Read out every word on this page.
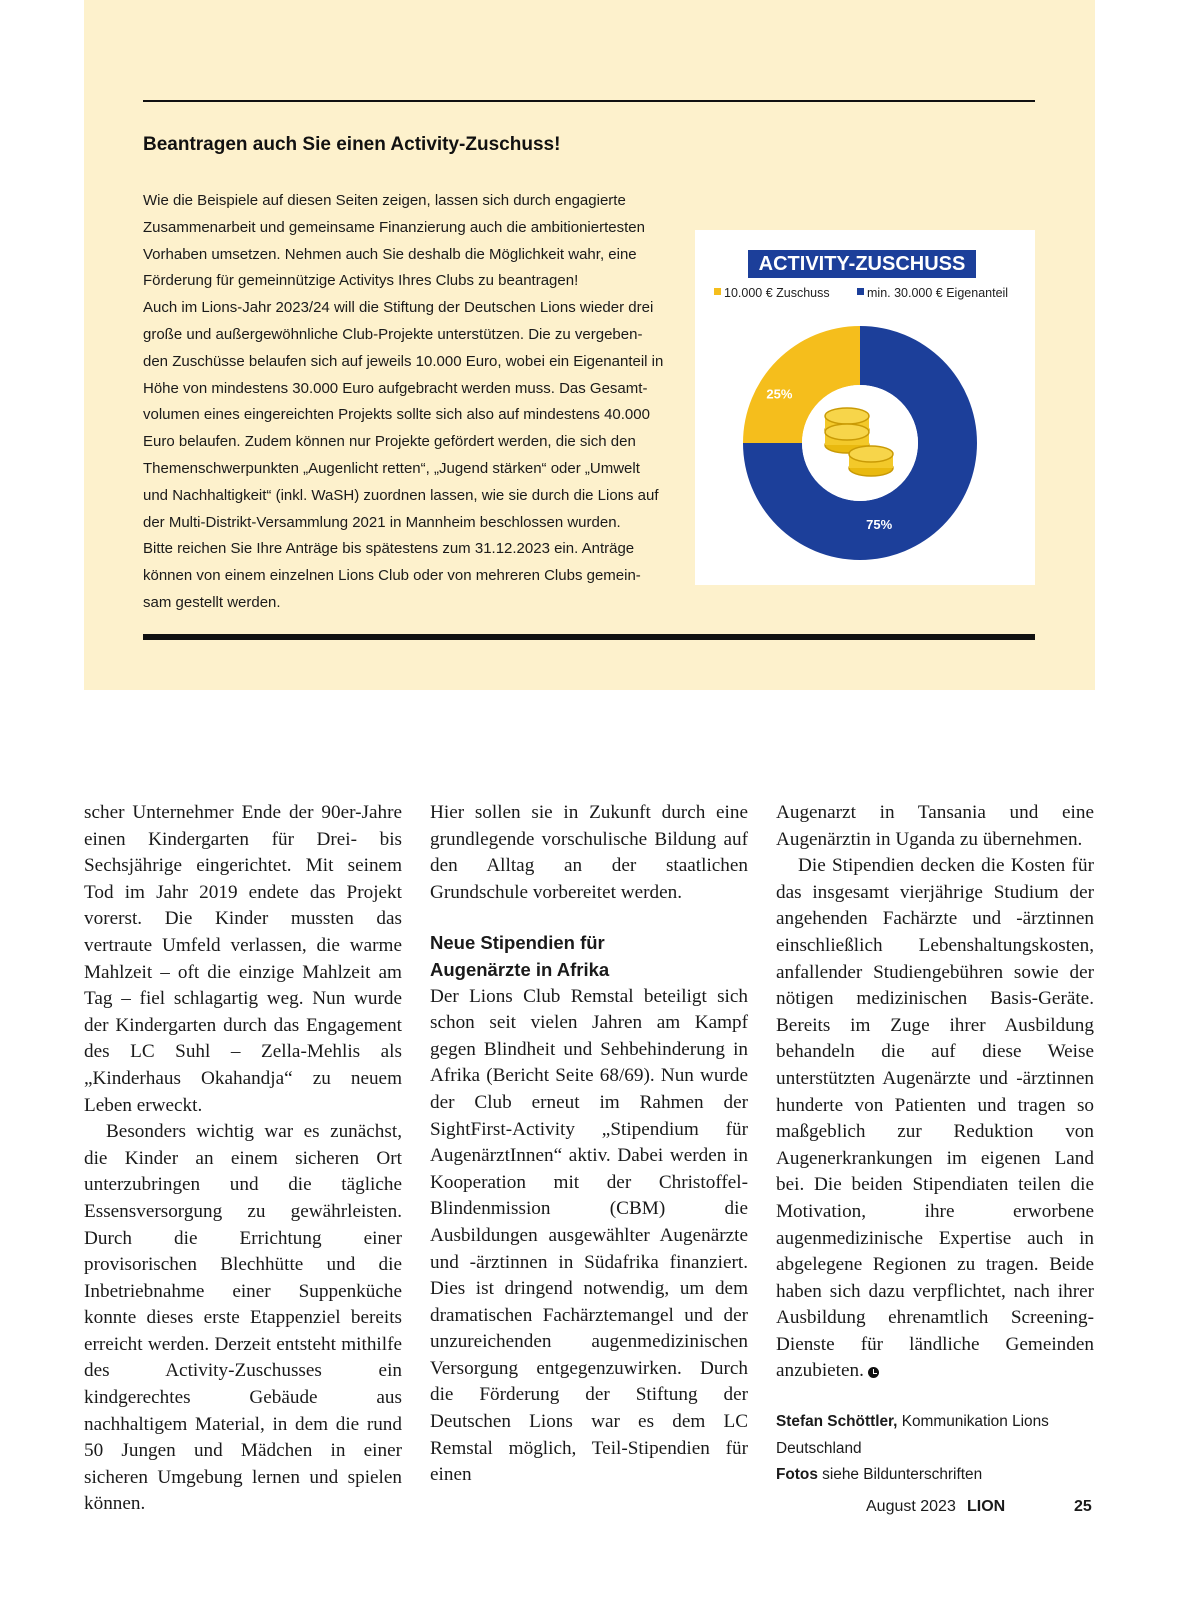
Beantragen auch Sie einen Activity-Zuschuss!
Wie die Beispiele auf diesen Seiten zeigen, lassen sich durch engagierte
Zusammenarbeit und gemeinsame Finanzierung auch die ambitioniertesten
Vorhaben umsetzen. Nehmen auch Sie deshalb die Möglichkeit wahr, eine
Förderung für gemeinnützige Activitys Ihres Clubs zu beantragen!
Auch im Lions-Jahr 2023/24 will die Stiftung der Deutschen Lions wieder drei
große und außergewöhnliche Club-Projekte unterstützen. Die zu vergeben-
den Zuschüsse belaufen sich auf jeweils 10.000 Euro, wobei ein Eigenanteil in
Höhe von mindestens 30.000 Euro aufgebracht werden muss. Das Gesamt-
volumen eines eingereichten Projekts sollte sich also auf mindestens 40.000
Euro belaufen. Zudem können nur Projekte gefördert werden, die sich den
Themenschwerpunkten „Augenlicht retten“, „Jugend stärken“ oder „Umwelt
und Nachhaltigkeit“ (inkl. WaSH) zuordnen lassen, wie sie durch die Lions auf
der Multi-Distrikt-Versammlung 2021 in Mannheim beschlossen wurden.
Bitte reichen Sie Ihre Anträge bis spätestens zum 31.12.2023 ein. Anträge
können von einem einzelnen Lions Club oder von mehreren Clubs gemein-
sam gestellt werden.
ACTIVITY-ZUSCHUSS
10.000 € Zuschuss	min. 30.000 € Eigenanteil
25%
75%

scher Unternehmer Ende der 90er-Jahre einen Kindergarten für Drei- bis Sechsjährige eingerichtet. Mit seinem Tod im Jahr 2019 endete das Projekt vorerst. Die Kinder mussten das vertraute Umfeld verlassen, die warme Mahlzeit – oft die einzige Mahlzeit am Tag – fiel schlagartig weg. Nun wurde der Kindergarten durch das Engagement des LC Suhl – Zella-Mehlis als „Kinderhaus Okahandja“ zu neuem Leben erweckt.

Besonders wichtig war es zunächst, die Kinder an einem sicheren Ort unterzubringen und die tägliche Essensversorgung zu gewährleisten. Durch die Errichtung einer provisorischen Blechhütte und die Inbetriebnahme einer Suppenküche konnte dieses erste Etappenziel bereits erreicht werden. Derzeit entsteht mithilfe des Activity-Zuschusses ein kindgerechtes Gebäude aus nachhaltigem Material, in dem die rund 50 Jungen und Mädchen in einer sicheren Umgebung lernen und spielen können.

Hier sollen sie in Zukunft durch eine grundlegende vorschulische Bildung auf den Alltag an der staatlichen Grundschule vorbereitet werden.

Neue Stipendien für
Augenärzte in Afrika

Der Lions Club Remstal beteiligt sich schon seit vielen Jahren am Kampf gegen Blindheit und Sehbehinderung in Afrika (Bericht Seite 68/69). Nun wurde der Club erneut im Rahmen der SightFirst-Activity „Stipendium für AugenärztInnen“ aktiv. Dabei werden in Kooperation mit der Christoffel-Blindenmission (CBM) die Ausbildungen ausgewählter Augenärzte und -ärztinnen in Südafrika finanziert. Dies ist dringend notwendig, um dem dramatischen Fachärztemangel und der unzureichenden augenmedizinischen Versorgung entgegenzuwirken. Durch die Förderung der Stiftung der Deutschen Lions war es dem LC Remstal möglich, Teil-Stipendien für einen

Augenarzt in Tansania und eine Augenärztin in Uganda zu übernehmen.

Die Stipendien decken die Kosten für das insgesamt vierjährige Studium der angehenden Fachärzte und -ärztinnen einschließlich Lebenshaltungskosten, anfallender Studiengebühren sowie der nötigen medizinischen Basis-Geräte. Bereits im Zuge ihrer Ausbildung behandeln die auf diese Weise unterstützten Augenärzte und -ärztinnen hunderte von Patienten und tragen so maßgeblich zur Reduktion von Augenerkrankungen im eigenen Land bei. Die beiden Stipendiaten teilen die Motivation, ihre erworbene augenmedizinische Expertise auch in abgelegene Regionen zu tragen. Beide haben sich dazu verpflichtet, nach ihrer Ausbildung ehrenamtlich Screening-Dienste für ländliche Gemeinden anzubieten.

Stefan Schöttler, Kommunikation Lions Deutschland
Fotos siehe Bildunterschriften
August 2023 LION	25
